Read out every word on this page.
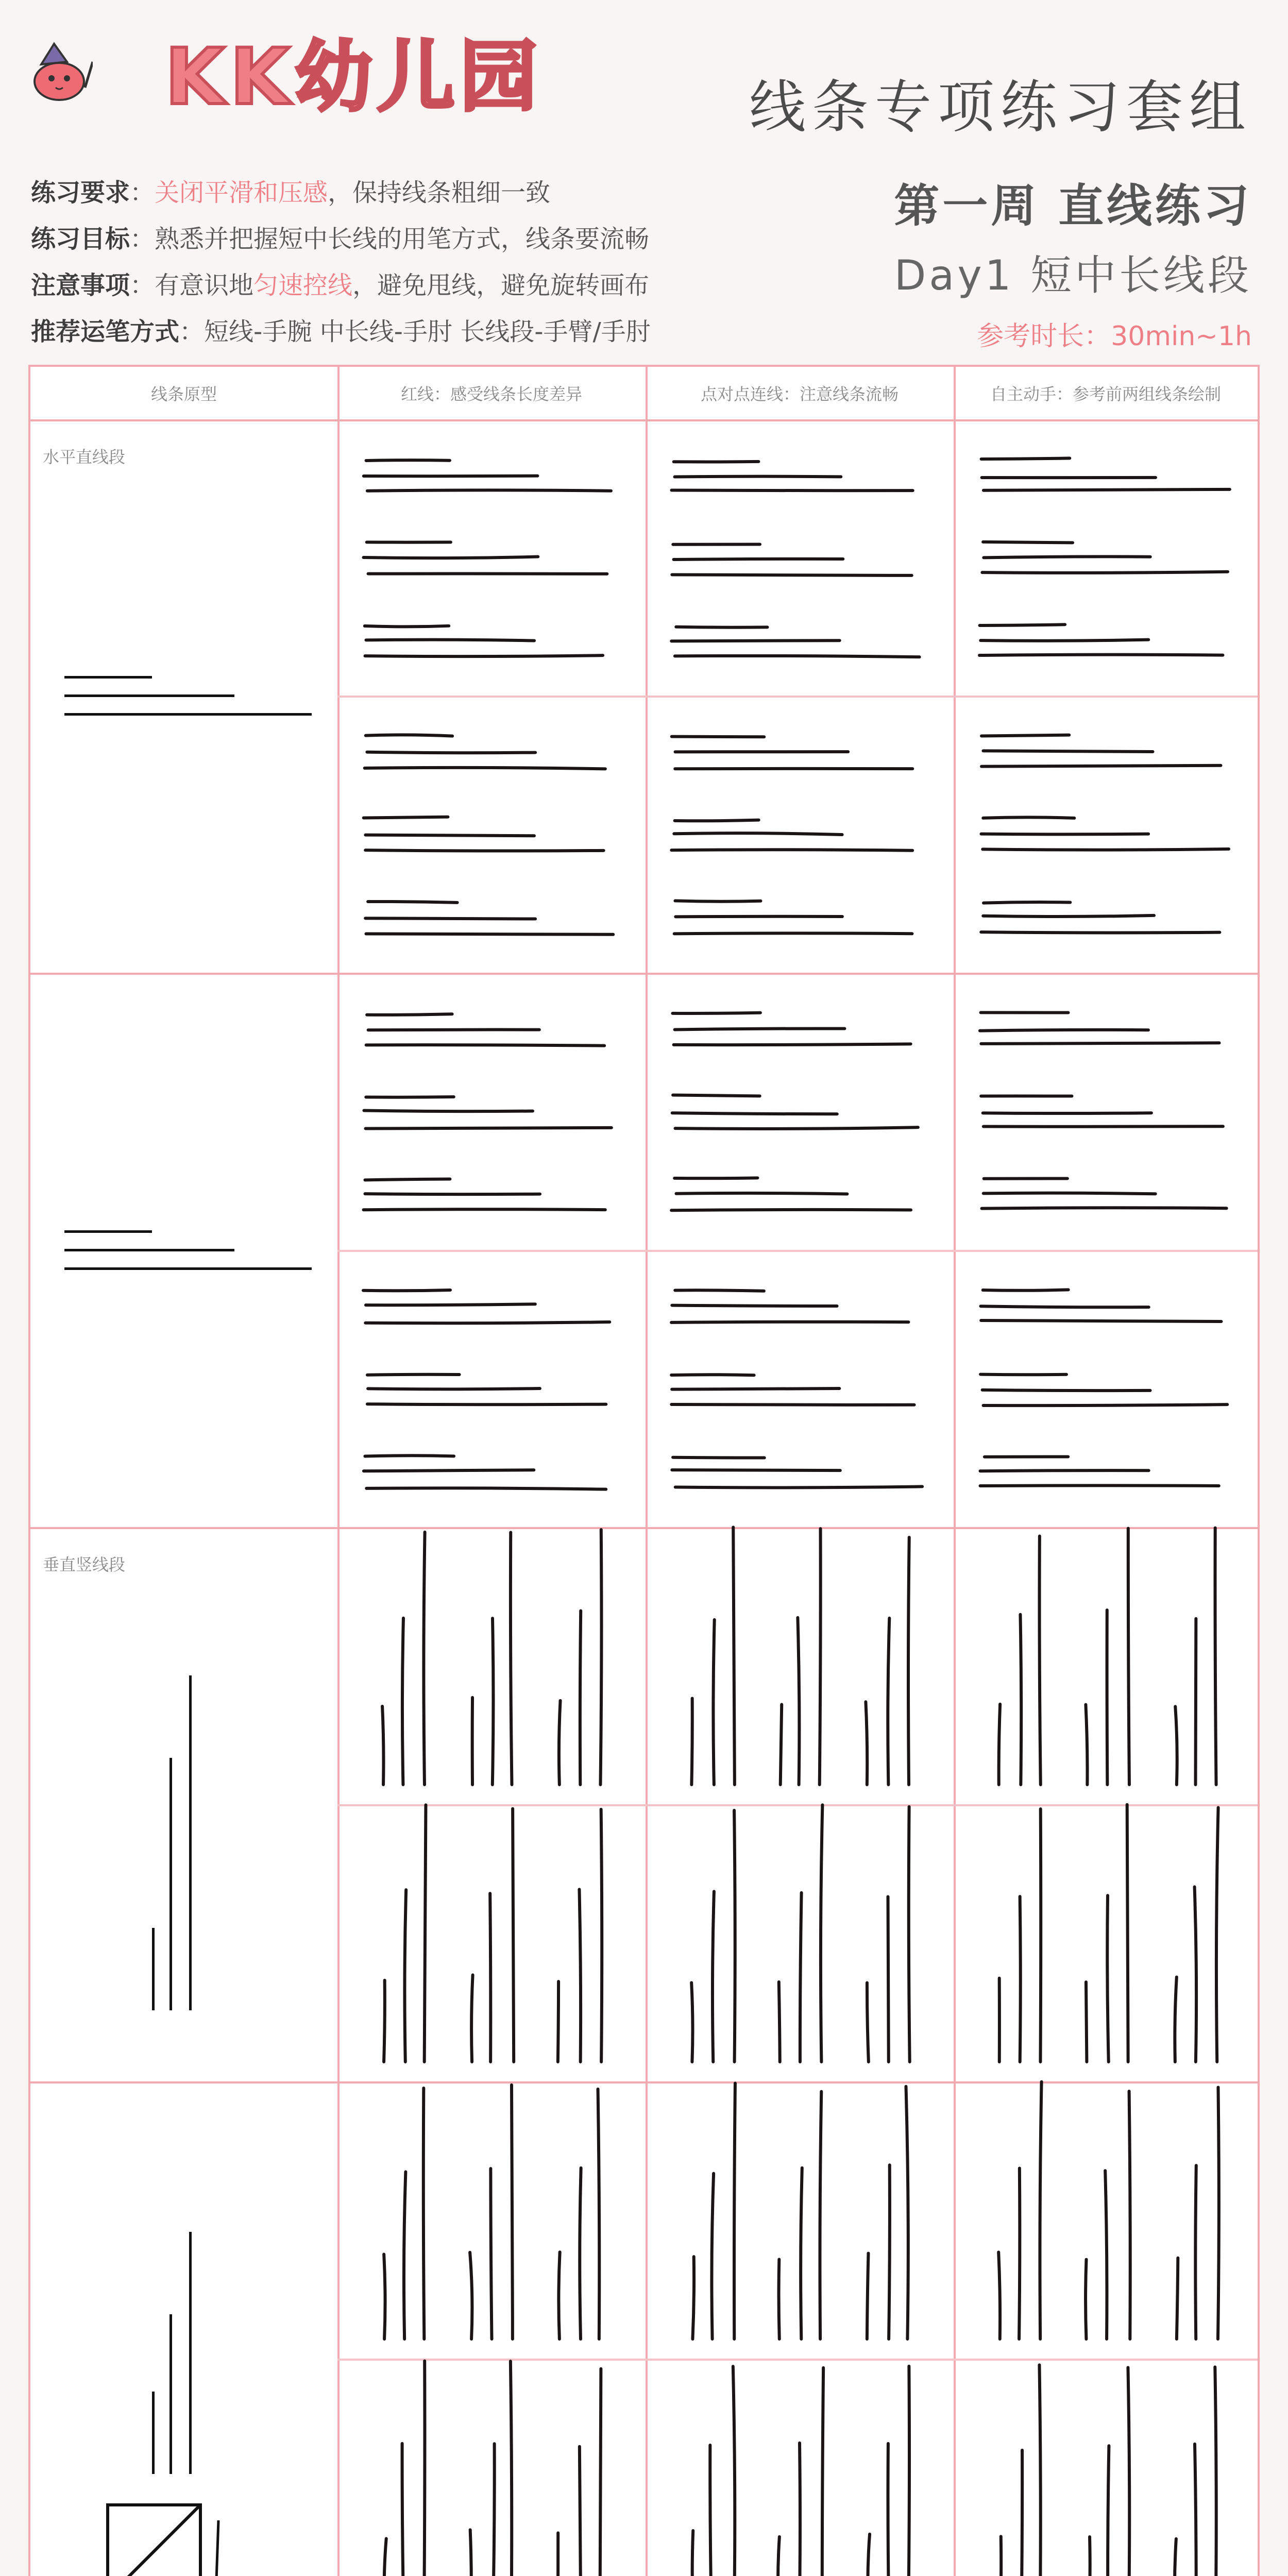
KK幼儿园	线条专项练习套组
练习要求：关闭平滑和压感，保持线条粗细一致
练习目标：熟悉并把握短中长线的用笔方式，线条要流畅
注意事项：有意识地匀速控线，避免甩线，避免旋转画布
推荐运笔方式：短线-手腕 中长线-手肘 长线段-手臂/手肘
第一周 直线练习
Day1 短中长线段
参考时长：30min~1h
线条原型	红线：感受线条长度差异	点对点连线：注意线条流畅	自主动手：参考前两组线条绘制
水平直线段
垂直竖线段
